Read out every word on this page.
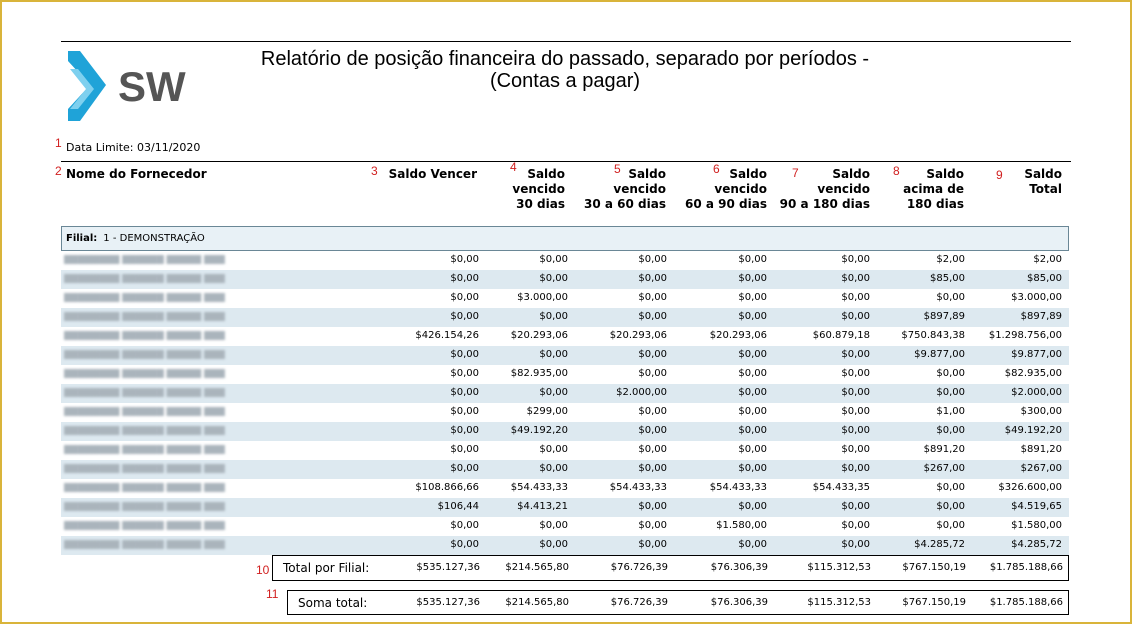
SW
Relatório de posição financeira do passado, separado por períodos -
(Contas a pagar)
1 Data Limite: 03/11/2020
2 Nome do Fornecedor	3 Saldo Vencer	4 Saldo
vencido
30 dias
5 Saldo
vencido
30 a 60 dias
6 Saldo
vencido
60 a 90 dias
7	Saldo
vencido
90 a 180 dias
8	Saldo
acima de
180 dias
9	Saldo
Total
Filial: 1 - DEMONSTRAÇÃO
████████ ██████ █████ ███	$0,00	$0,00	$0,00	$0,00	$0,00	$2,00	$2,00
████████ ██████ █████ ███	$0,00	$0,00	$0,00	$0,00	$0,00	$85,00	$85,00
████████ ██████ █████ ███	$0,00	$3.000,00	$0,00	$0,00	$0,00	$0,00	$3.000,00
████████ ██████ █████ ███	$0,00	$0,00	$0,00	$0,00	$0,00	$897,89	$897,89
████████ ██████ █████ ███	$426.154,26	$20.293,06	$20.293,06	$20.293,06	$60.879,18	$750.843,38 $1.298.756,00
████████ ██████ █████ ███	$0,00	$0,00	$0,00	$0,00	$0,00	$9.877,00	$9.877,00
████████ ██████ █████ ███	$0,00	$82.935,00	$0,00	$0,00	$0,00	$0,00	$82.935,00
████████ ██████ █████ ███	$0,00	$0,00	$2.000,00	$0,00	$0,00	$0,00	$2.000,00
████████ ██████ █████ ███	$0,00	$299,00	$0,00	$0,00	$0,00	$1,00	$300,00
████████ ██████ █████ ███	$0,00	$49.192,20	$0,00	$0,00	$0,00	$0,00	$49.192,20
████████ ██████ █████ ███	$0,00	$0,00	$0,00	$0,00	$0,00	$891,20	$891,20
████████ ██████ █████ ███	$0,00	$0,00	$0,00	$0,00	$0,00	$267,00	$267,00
████████ ██████ █████ ███	$108.866,66	$54.433,33	$54.433,33	$54.433,33	$54.433,35	$0,00	$326.600,00
████████ ██████ █████ ███	$106,44	$4.413,21	$0,00	$0,00	$0,00	$0,00	$4.519,65
████████ ██████ █████ ███	$0,00	$0,00	$0,00	$1.580,00	$0,00	$0,00	$1.580,00
████████ ██████ █████ ███	$0,00	$0,00	$0,00	$0,00	$0,00	$4.285,72	$4.285,72
10 Total por Filial:	$535.127,36	$214.565,80	$76.726,39	$76.306,39	$115.312,53	$767.150,19 $1.785.188,66
11
Soma total:	$535.127,36	$214.565,80	$76.726,39	$76.306,39	$115.312,53	$767.150,19 $1.785.188,66
